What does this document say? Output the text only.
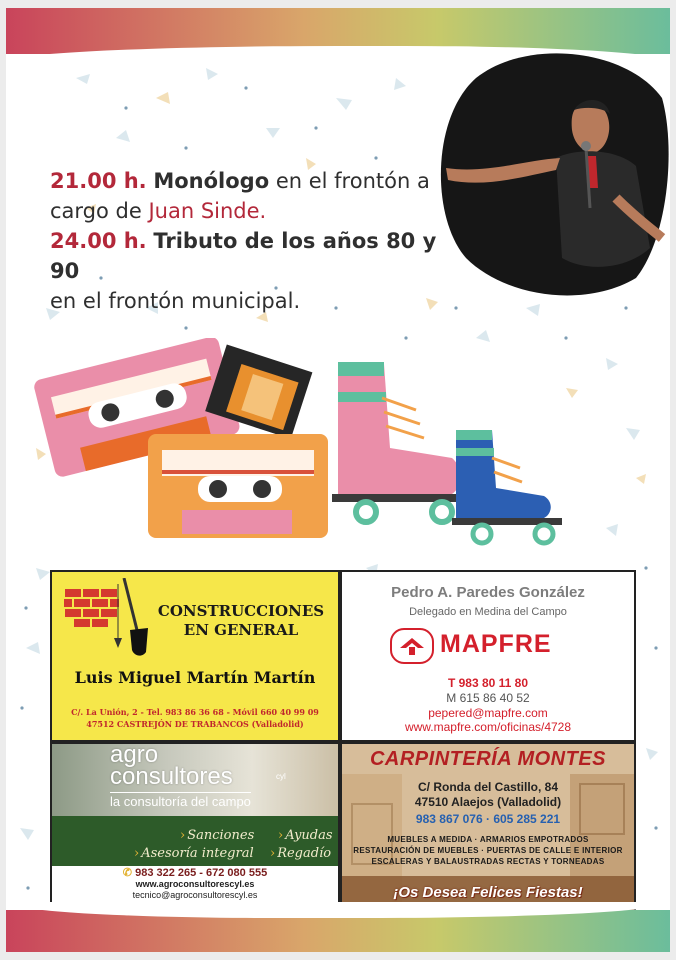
21.00 h. Monólogo en el frontón a
cargo de Juan Sinde.
24.00 h. Tributo de los años 80 y 90
en el frontón municipal.
CONSTRUCCIONES
EN GENERAL
Luis Miguel Martín Martín
C/. La Unión, 2 - Tel. 983 86 36 68 - Móvil 660 40 99 09
47512 CASTREJÓN DE TRABANCOS (Valladolid)
Pedro A. Paredes González
Delegado en Medina del Campo
MAPFRE
T 983 80 11 80
M 615 86 40 52
pepered@mapfre.com
www.mapfre.com/oficinas/4728
agro
consultores	cyl
la consultoría del campo
› Sanciones	› Ayudas
› Asesoría integral	› Regadío
✆ 983 322 265 - 672 080 555
www.agroconsultorescyl.es
tecnico@agroconsultorescyl.es
CARPINTERÍA MONTES
C/ Ronda del Castillo, 84
47510 Alaejos (Valladolid)
983 867 076 · 605 285 221
MUEBLES A MEDIDA · ARMARIOS EMPOTRADOS
RESTAURACIÓN DE MUEBLES · PUERTAS DE CALLE E INTERIOR
ESCALERAS Y BALAUSTRADAS RECTAS Y TORNEADAS
¡Os Desea Felices Fiestas!
